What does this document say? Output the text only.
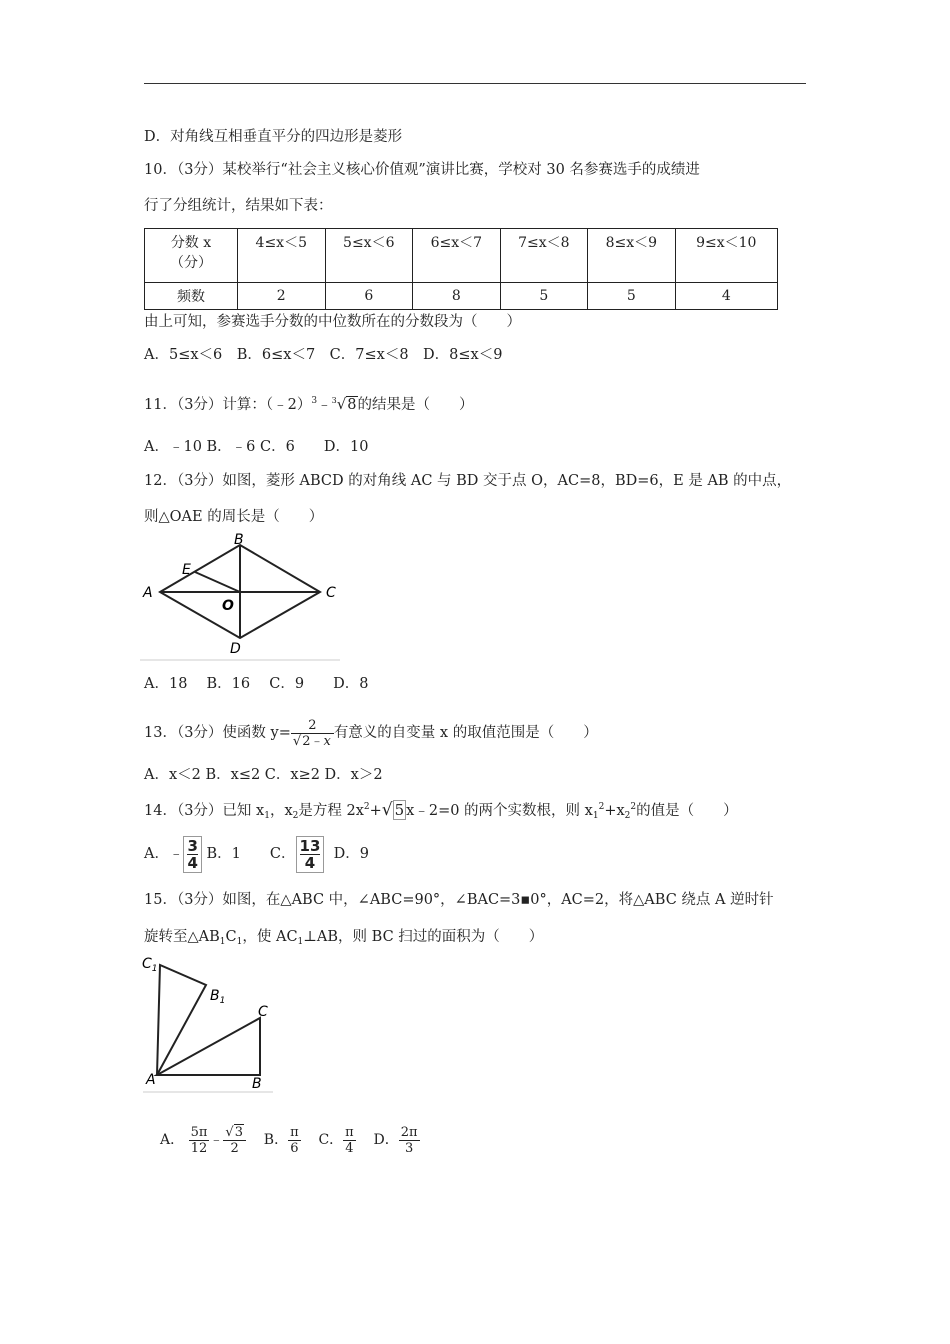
D．对角线互相垂直平分的四边形是菱形
10．（3分）某校举行“社会主义核心价值观”演讲比赛，学校对 30 名参赛选手的成绩进
行了分组统计，结果如下表：
分数 x
（分）	4≤x＜5	5≤x＜6	6≤x＜7	7≤x＜8	8≤x＜9	9≤x＜10
频数	2	6	8	5	5	4
由上可知，参赛选手分数的中位数所在的分数段为（　　）
A．5≤x＜6　B．6≤x＜7　C．7≤x＜8　D．8≤x＜9
11．（3分）计算：（﹣2）$^3$﹣$^3$√8的结果是（　　）
A．﹣10 B．﹣6 C．6　　D．10
12．（3分）如图，菱形 ABCD 的对角线 AC 与 BD 交于点 O，AC=8，BD=6，E 是 AB 的中点，
则△OAE 的周长是（　　）
A
B
C
D
E
O
A．18　 B．16　 C．9　　D．8
13．（3分）使函数 $y= \frac{2}{√2﹣x}$ 有意义的自变量 x 的取值范围是（　　）
A．x＜2 B．x≤2 C．x≥2 D．x＞2
14．（3分）已知 $x_1$，$x_2$是方程 $2x^2+√$ 5 x﹣2=0 的两个实数根，则 $x_1^2+x_2^2$的值是（　　）
A．$﹣\frac{3}{4}$ B．1　　C．$\frac{13}{4}$ D．9
15．（3分）如图，在△ABC 中，∠ABC=90°，∠BAC=3▪0°，AC=2，将△ABC 绕点 A 逆时针
旋转至$\triangle AB_1C_1$，使 $AC_1\perp AB$，则 BC 扫过的面积为（　　）
$C_1$
$B_1$
C
A	B
A． $\frac{5\pi}{12}$ ﹣ $\frac{√3}{2}$ B． $\frac{\pi}{6}$ C． $\frac{\pi}{4}$ D． $\frac{2\pi}{3}$
